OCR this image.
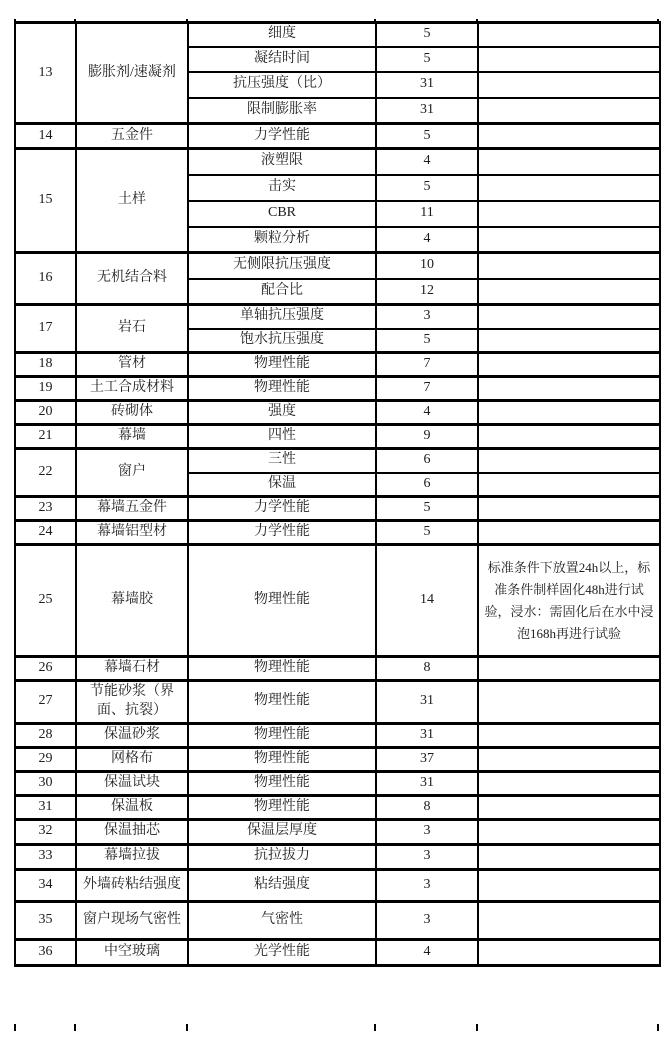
13	膨胀剂/速凝剂	细度	5	
		凝结时间	5	
		抗压强度（比）	31	
		限制膨胀率	31	
14	五金件	力学性能	5	
15	土样	液塑限	4	
		击实	5	
		CBR	11	
		颗粒分析	4	
16	无机结合料	无侧限抗压强度	10	
		配合比	12	
17	岩石	单轴抗压强度	3	
		饱水抗压强度	5	
18	管材	物理性能	7	
19	土工合成材料	物理性能	7	
20	砖砌体	强度	4	
21	幕墙	四性	9	
22	窗户	三性	6	
		保温	6	
23	幕墙五金件	力学性能	5	
24	幕墙铝型材	力学性能	5	
25	幕墙胶	物理性能	14	标准条件下放置24h以上，标准条件制样固化48h进行试验，浸水：需固化后在水中浸泡168h再进行试验
26	幕墙石材	物理性能	8	
27	节能砂浆（界面、抗裂）	物理性能	31	
28	保温砂浆	物理性能	31	
29	网格布	物理性能	37	
30	保温试块	物理性能	31	
31	保温板	物理性能	8	
32	保温抽芯	保温层厚度	3	
33	幕墙拉拔	抗拉拔力	3	
34	外墙砖粘结强度	粘结强度	3	
35	窗户现场气密性	气密性	3	
36	中空玻璃	光学性能	4	
